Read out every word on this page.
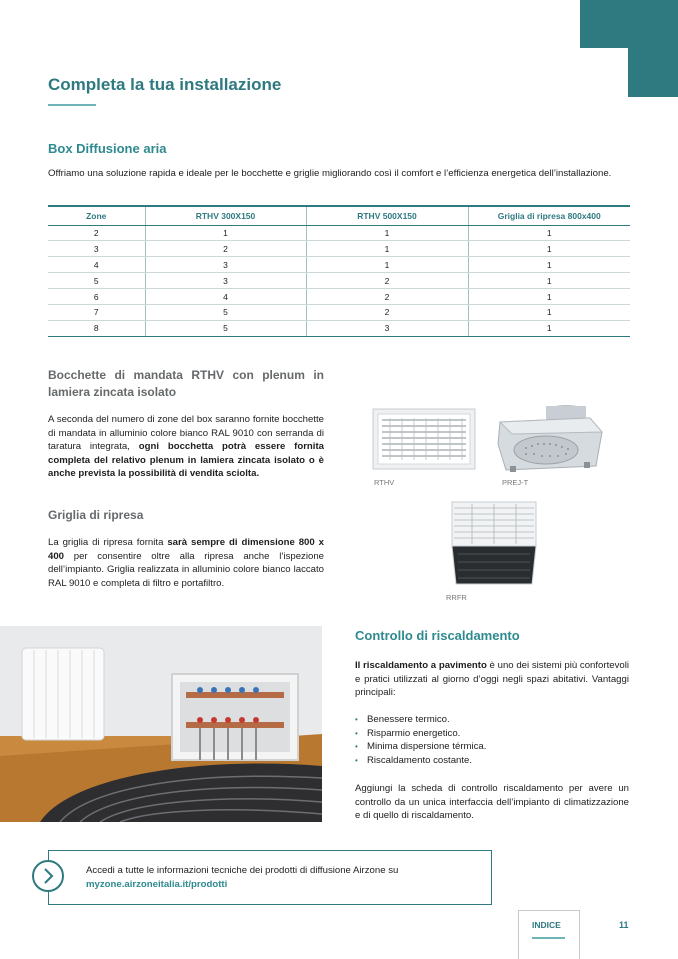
Completa la tua installazione
Box Diffusione aria

Offriamo una soluzione rapida e ideale per le bocchette e griglie migliorando così il comfort e l’efficienza energetica dell’installazione.

Zone	RTHV 300X150	RTHV 500X150	Griglia di ripresa 800x400
2	1	1	1
3	2	1	1
4	3	1	1
5	3	2	1
6	4	2	1
7	5	2	1
8	5	3	1
Bocchette di mandata RTHV con plenum in lamiera zincata isolato

A seconda del numero di zone del box saranno fornite bocchette di mandata in alluminio colore bianco RAL 9010 con serranda di taratura integrata, ogni bocchetta potrà essere fornita completa del relativo plenum in lamiera zincata isolato o è anche prevista la possibilità di vendita sciolta.

Griglia di ripresa

La griglia di ripresa fornita sarà sempre di dimensione 800 x 400 per consentire oltre alla ripresa anche l’ispezione dell’impianto. Griglia realizzata in alluminio colore bianco laccato RAL 9010 e completa di filtro e portafiltro.

RTHV	PREJ-T
RRFR
Controllo di riscaldamento

Il riscaldamento a pavimento è uno dei sistemi più confortevoli e pratici utilizzati al giorno d’oggi negli spazi abitativi. Vantaggi principali:

• Benessere termico.
• Risparmio energetico.
• Minima dispersione térmica.
• Riscaldamento costante.

Aggiungi la scheda di controllo riscaldamento per avere un controllo da un unica interfaccia dell’impianto di climatizzazione e di quello di riscaldamento.

Accedi a tutte le informazioni tecniche dei prodotti di diffusione Airzone su
myzone.airzoneitalia.it/prodotti
INDICE	11
